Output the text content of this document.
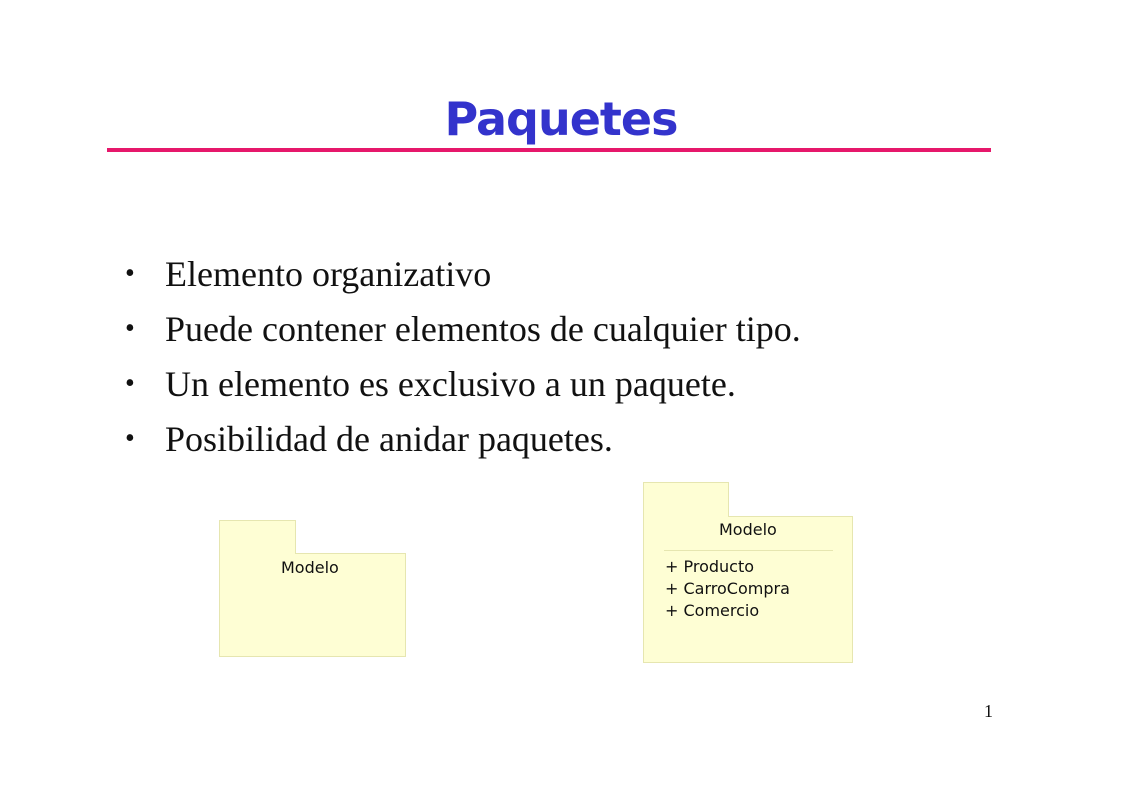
Paquetes
• Elemento organizativo
• Puede contener elementos de cualquier tipo.
• Un elemento es exclusivo a un paquete.
• Posibilidad de anidar paquetes.
Modelo
Modelo
+ Producto
+ CarroCompra
+ Comercio
1
